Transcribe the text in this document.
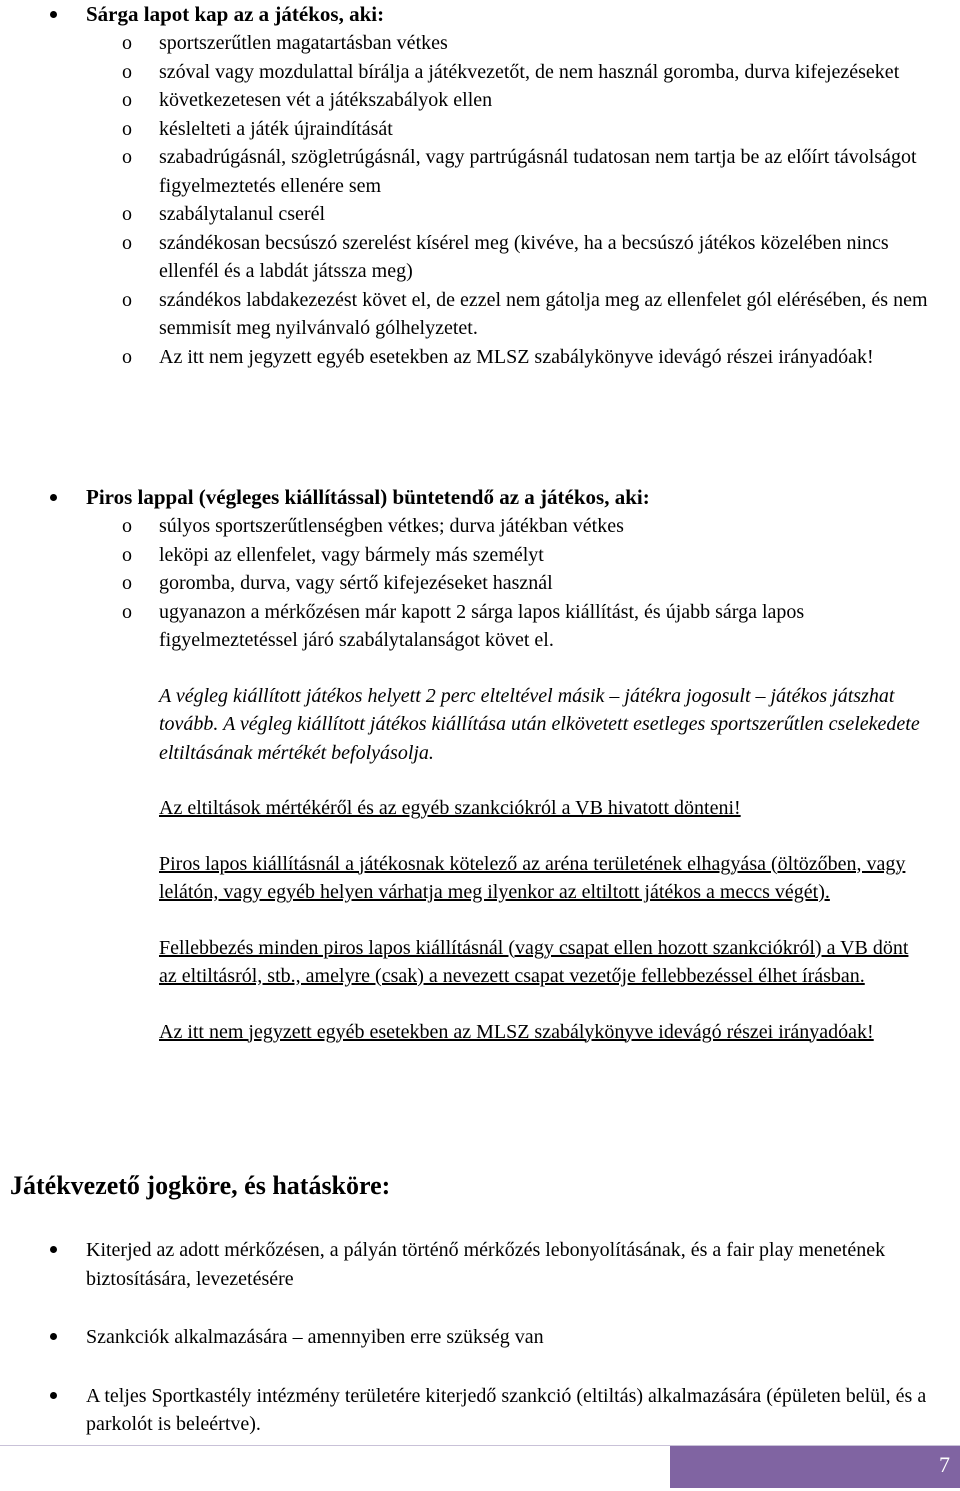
Sárga lapot kap az a játékos, aki:
o sportszerűtlen magatartásban vétkes
o szóval vagy mozdulattal bírálja a játékvezetőt, de nem használ goromba, durva kifejezéseket
o következetesen vét a játékszabályok ellen
o késlelteti a játék újraindítását
o szabadrúgásnál, szögletrúgásnál, vagy partrúgásnál tudatosan nem tartja be az előírt távolságot figyelmeztetés ellenére sem
o szabálytalanul cserél
o szándékosan becsúszó szerelést kísérel meg (kivéve, ha a becsúszó játékos közelében nincs ellenfél és a labdát játssza meg)
o szándékos labdakezezést követ el, de ezzel nem gátolja meg az ellenfelet gól elérésében, és nem semmisít meg nyilvánvaló gólhelyzetet.
o Az itt nem jegyzett egyéb esetekben az MLSZ szabálykönyve idevágó részei irányadóak!
Piros lappal (végleges kiállítással) büntetendő az a játékos, aki:
o súlyos sportszerűtlenségben vétkes; durva játékban vétkes
o leköpi az ellenfelet, vagy bármely más személyt
o goromba, durva, vagy sértő kifejezéseket használ
o ugyanazon a mérkőzésen már kapott 2 sárga lapos kiállítást, és újabb sárga lapos figyelmeztetéssel járó szabálytalanságot követ el.
A végleg kiállított játékos helyett 2 perc elteltével másik – játékra jogosult – játékos játszhat tovább. A végleg kiállított játékos kiállítása után elkövetett esetleges sportszerűtlen cselekedete eltiltásának mértékét befolyásolja.
Az eltiltások mértékéről és az egyéb szankciókról a VB hivatott dönteni!
Piros lapos kiállításnál a játékosnak kötelező az aréna területének elhagyása (öltözőben, vagy lelátón, vagy egyéb helyen várhatja meg ilyenkor az eltiltott játékos a meccs végét).
Fellebbezés minden piros lapos kiállításnál (vagy csapat ellen hozott szankciókról) a VB dönt az eltiltásról, stb., amelyre (csak) a nevezett csapat vezetője fellebbezéssel élhet írásban.
Az itt nem jegyzett egyéb esetekben az MLSZ szabálykönyve idevágó részei irányadóak!
Játékvezető jogköre, és hatásköre:
Kiterjed az adott mérkőzésen, a pályán történő mérkőzés lebonyolításának, és a fair play menetének biztosítására, levezetésére
Szankciók alkalmazására – amennyiben erre szükség van
A teljes Sportkastély intézmény területére kiterjedő szankció (eltiltás) alkalmazására (épületen belül, és a parkolót is beleértve).
7
